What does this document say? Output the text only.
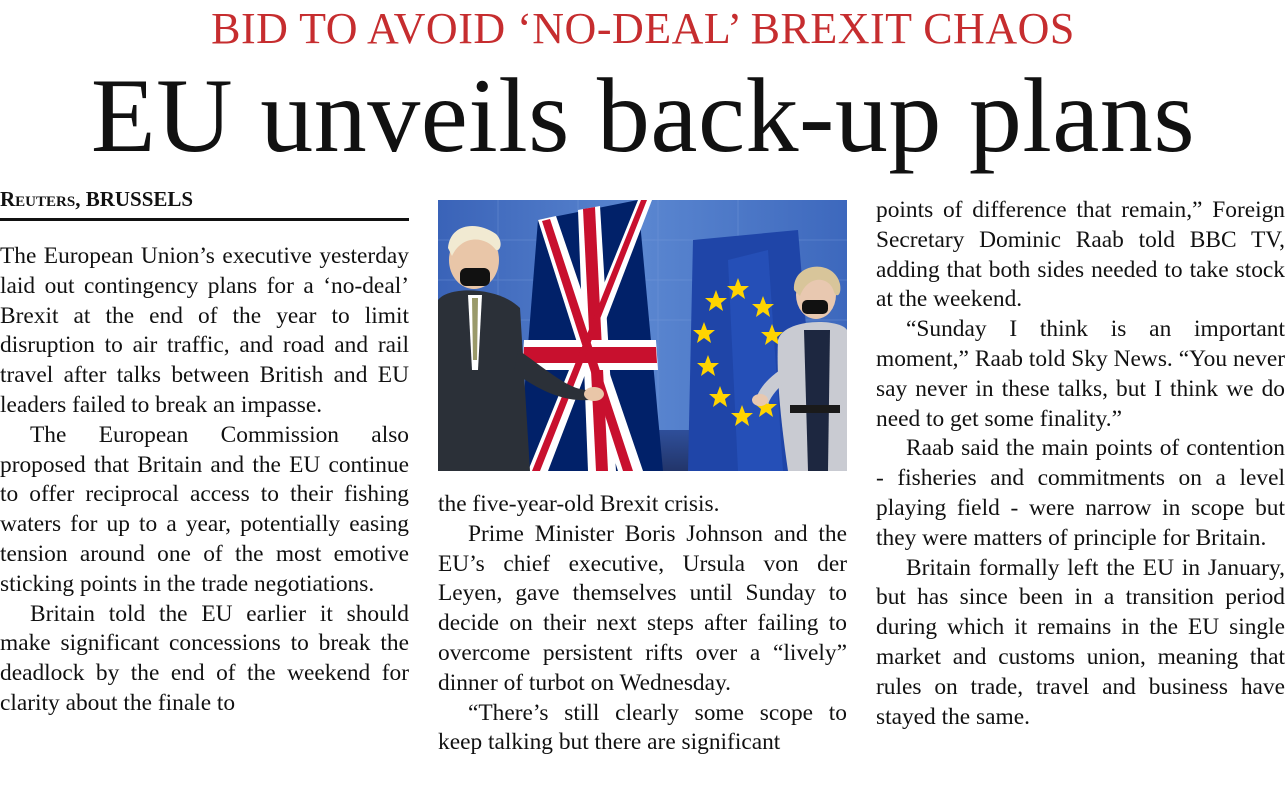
BID TO AVOID ‘NO-DEAL’ BREXIT CHAOS
EU unveils back-up plans
Reuters, BRUSSELS

The European Union’s executive yesterday laid out contingency plans for a ‘no-deal’ Brexit at the end of the year to limit disruption to air traffic, and road and rail travel after talks between British and EU leaders failed to break an impasse.

The European Commission also proposed that Britain and the EU continue to offer reciprocal access to their fishing waters for up to a year, potentially easing tension around one of the most emotive sticking points in the trade negotiations.

Britain told the EU earlier it should make significant concessions to break the deadlock by the end of the weekend for clarity about the finale to

the five-year-old Brexit crisis.

Prime Minister Boris Johnson and the EU’s chief executive, Ursula von der Leyen, gave themselves until Sunday to decide on their next steps after failing to overcome persistent rifts over a “lively” dinner of turbot on Wednesday.

“There’s still clearly some scope to keep talking but there are significant

points of difference that remain,” Foreign Secretary Dominic Raab told BBC TV, adding that both sides needed to take stock at the weekend.

“Sunday I think is an important moment,” Raab told Sky News. “You never say never in these talks, but I think we do need to get some finality.”

Raab said the main points of contention - fisheries and commitments on a level playing field - were narrow in scope but they were matters of principle for Britain.

Britain formally left the EU in January, but has since been in a transition period during which it remains in the EU single market and customs union, meaning that rules on trade, travel and business have stayed the same.
